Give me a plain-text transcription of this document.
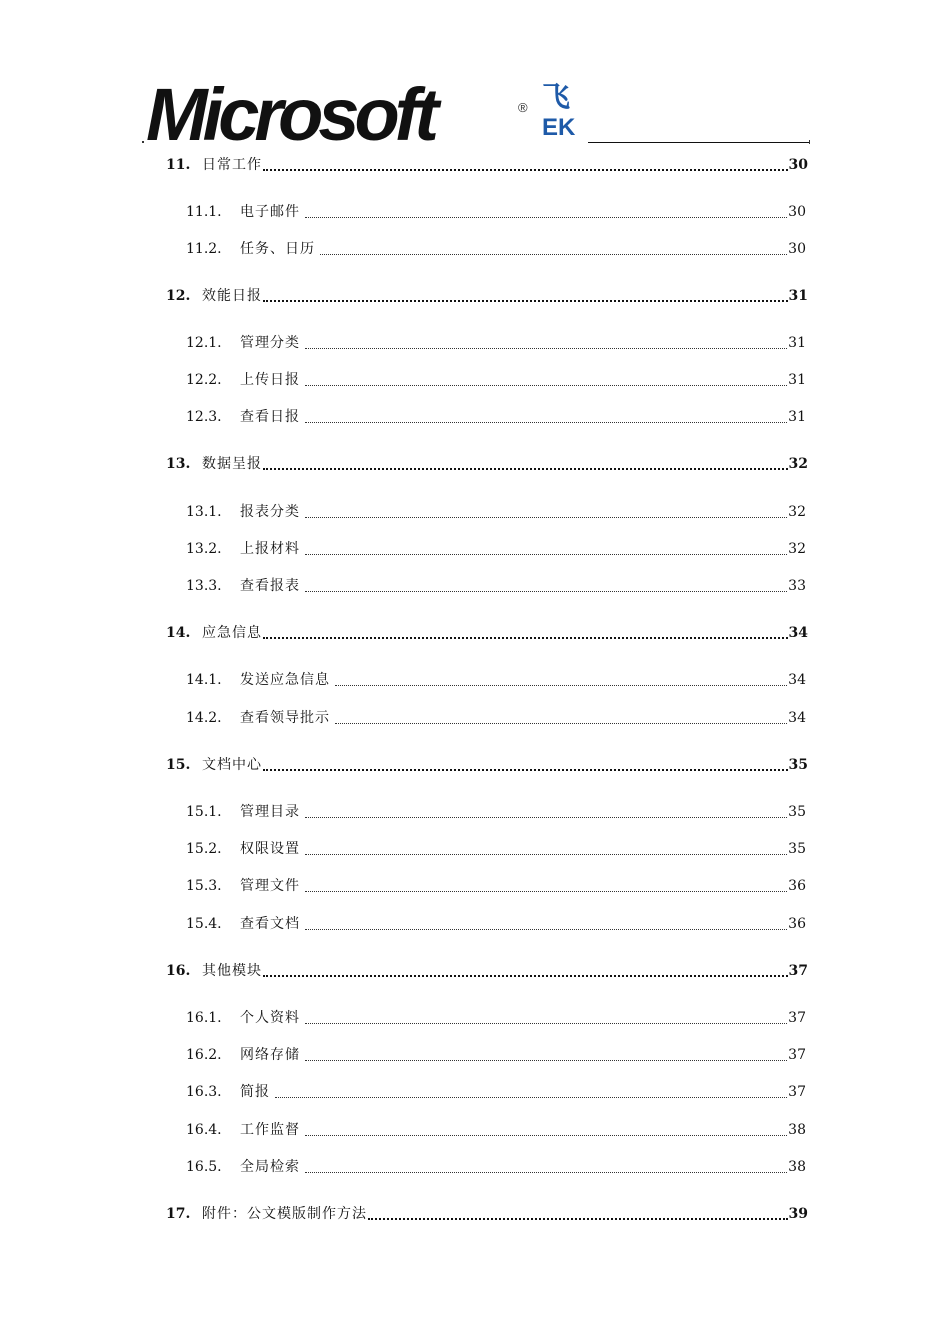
Microsoft	® 飞
EK
11. 日常工作	30
11.1.	电子邮件	30
11.2.	任务、日历	30
12. 效能日报	31
12.1.	管理分类	31
12.2.	上传日报	31
12.3.	查看日报	31
13. 数据呈报	32
13.1.	报表分类	32
13.2.	上报材料	32
13.3.	查看报表	33
14. 应急信息	34
14.1.	发送应急信息	34
14.2.	查看领导批示	34
15. 文档中心	35
15.1.	管理目录	35
15.2.	权限设置	35
15.3.	管理文件	36
15.4.	查看文档	36
16. 其他模块	37
16.1.	个人资料	37
16.2.	网络存储	37
16.3.	简报	37
16.4.	工作监督	38
16.5.	全局检索	38
17. 附件：公文模版制作方法	39
